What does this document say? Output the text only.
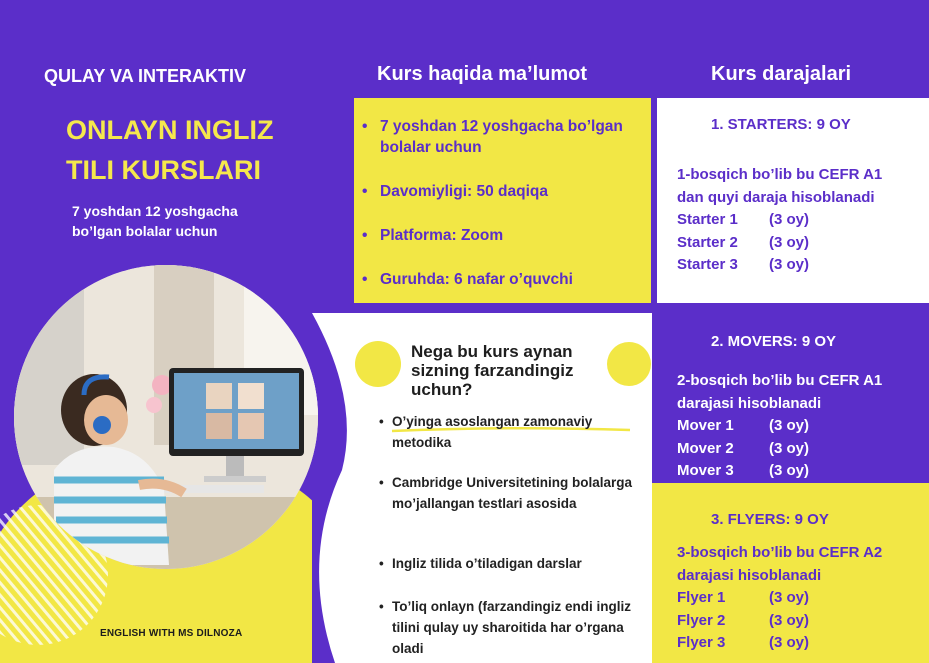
QULAY VA INTERAKTIV
ONLAYN INGLIZ
TILI KURSLARI
7 yoshdan 12 yoshgacha
bo’lgan bolalar uchun
ENGLISH WITH MS DILNOZA
Kurs haqida ma’lumot	Kurs darajalari
• 7 yoshdan 12 yoshgacha bo’lgan bolalar uchun
• Davomiyligi: 50 daqiqa
• Platforma: Zoom
• Guruhda: 6 nafar o’quvchi
1. STARTERS: 9 OY
1-bosqich bo’lib bu CEFR A1
dan quyi daraja hisoblanadi
Starter 1	(3 oy)
Starter 2	(3 oy)
Starter 3	(3 oy)
2. MOVERS: 9 OY
2-bosqich bo’lib bu CEFR A1
darajasi hisoblanadi
Mover 1	(3 oy)
Mover 2	(3 oy)
Mover 3	(3 oy)
3. FLYERS: 9 OY
3-bosqich bo’lib bu CEFR A2
darajasi hisoblanadi
Flyer 1	(3 oy)
Flyer 2	(3 oy)
Flyer 3	(3 oy)
Nega bu kurs aynan sizning farzandingiz uchun?
• O’yinga asoslangan zamonaviy metodika
• Cambridge Universitetining bolalarga mo’jallangan testlari asosida
• Ingliz tilida o’tiladigan darslar
• To’liq onlayn (farzandingiz endi ingliz tilini qulay uy sharoitida har o’rgana oladi
